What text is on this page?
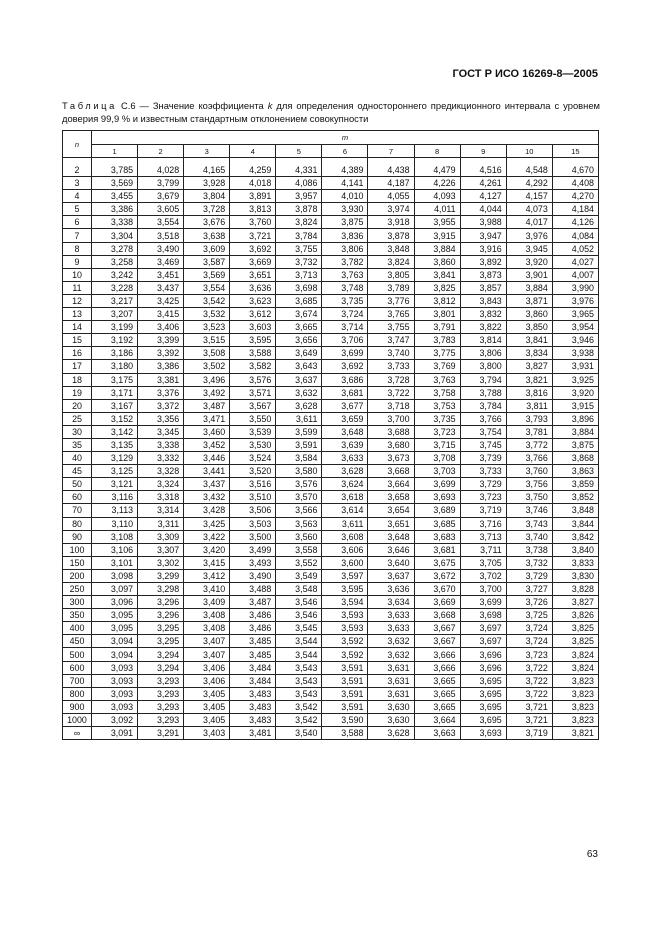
ГОСТ Р ИСО 16269-8—2005
Таблица С.6 — Значение коэффициента k для определения одностороннего предикционного интервала с уровнем доверия 99,9 % и известным стандартным отклонением совокупности
n	m										
	1	2	3	4	5	6	7	8	9	10	15
2	3,785	4,028	4,165	4,259	4,331	4,389	4,438	4,479	4,516	4,548	4,670
3	3,569	3,799	3,928	4,018	4,086	4,141	4,187	4,226	4,261	4,292	4,408
4	3,455	3,679	3,804	3,891	3,957	4,010	4,055	4,093	4,127	4,157	4,270
5	3,386	3,605	3,728	3,813	3,878	3,930	3,974	4,011	4,044	4,073	4,184
6	3,338	3,554	3,676	3,760	3,824	3,875	3,918	3,955	3,988	4,017	4,126
7	3,304	3,518	3,638	3,721	3,784	3,836	3,878	3,915	3,947	3,976	4,084
8	3,278	3,490	3,609	3,692	3,755	3,806	3,848	3,884	3,916	3,945	4,052
9	3,258	3,469	3,587	3,669	3,732	3,782	3,824	3,860	3,892	3,920	4,027
10	3,242	3,451	3,569	3,651	3,713	3,763	3,805	3,841	3,873	3,901	4,007
11	3,228	3,437	3,554	3,636	3,698	3,748	3,789	3,825	3,857	3,884	3,990
12	3,217	3,425	3,542	3,623	3,685	3,735	3,776	3,812	3,843	3,871	3,976
13	3,207	3,415	3,532	3,612	3,674	3,724	3,765	3,801	3,832	3,860	3,965
14	3,199	3,406	3,523	3,603	3,665	3,714	3,755	3,791	3,822	3,850	3,954
15	3,192	3,399	3,515	3,595	3,656	3,706	3,747	3,783	3,814	3,841	3,946
16	3,186	3,392	3,508	3,588	3,649	3,699	3,740	3,775	3,806	3,834	3,938
17	3,180	3,386	3,502	3,582	3,643	3,692	3,733	3,769	3,800	3,827	3,931
18	3,175	3,381	3,496	3,576	3,637	3,686	3,728	3,763	3,794	3,821	3,925
19	3,171	3,376	3,492	3,571	3,632	3,681	3,722	3,758	3,788	3,816	3,920
20	3,167	3,372	3,487	3,567	3,628	3,677	3,718	3,753	3,784	3,811	3,915
25	3,152	3,356	3,471	3,550	3,611	3,659	3,700	3,735	3,766	3,793	3,896
30	3,142	3,345	3,460	3,539	3,599	3,648	3,688	3,723	3,754	3,781	3,884
35	3,135	3,338	3,452	3,530	3,591	3,639	3,680	3,715	3,745	3,772	3,875
40	3,129	3,332	3,446	3,524	3,584	3,633	3,673	3,708	3,739	3,766	3,868
45	3,125	3,328	3,441	3,520	3,580	3,628	3,668	3,703	3,733	3,760	3,863
50	3,121	3,324	3,437	3,516	3,576	3,624	3,664	3,699	3,729	3,756	3,859
60	3,116	3,318	3,432	3,510	3,570	3,618	3,658	3,693	3,723	3,750	3,852
70	3,113	3,314	3,428	3,506	3,566	3,614	3,654	3,689	3,719	3,746	3,848
80	3,110	3,311	3,425	3,503	3,563	3,611	3,651	3,685	3,716	3,743	3,844
90	3,108	3,309	3,422	3,500	3,560	3,608	3,648	3,683	3,713	3,740	3,842
100	3,106	3,307	3,420	3,499	3,558	3,606	3,646	3,681	3,711	3,738	3,840
150	3,101	3,302	3,415	3,493	3,552	3,600	3,640	3,675	3,705	3,732	3,833
200	3,098	3,299	3,412	3,490	3,549	3,597	3,637	3,672	3,702	3,729	3,830
250	3,097	3,298	3,410	3,488	3,548	3,595	3,636	3,670	3,700	3,727	3,828
300	3,096	3,296	3,409	3,487	3,546	3,594	3,634	3,669	3,699	3,726	3,827
350	3,095	3,296	3,408	3,486	3,546	3,593	3,633	3,668	3,698	3,725	3,826
400	3,095	3,295	3,408	3,486	3,545	3,593	3,633	3,667	3,697	3,724	3,825
450	3,094	3,295	3,407	3,485	3,544	3,592	3,632	3,667	3,697	3,724	3,825
500	3,094	3,294	3,407	3,485	3,544	3,592	3,632	3,666	3,696	3,723	3,824
600	3,093	3,294	3,406	3,484	3,543	3,591	3,631	3,666	3,696	3,722	3,824
700	3,093	3,293	3,406	3,484	3,543	3,591	3,631	3,665	3,695	3,722	3,823
800	3,093	3,293	3,405	3,483	3,543	3,591	3,631	3,665	3,695	3,722	3,823
900	3,093	3,293	3,405	3,483	3,542	3,591	3,630	3,665	3,695	3,721	3,823
1000	3,092	3,293	3,405	3,483	3,542	3,590	3,630	3,664	3,695	3,721	3,823
∞	3,091	3,291	3,403	3,481	3,540	3,588	3,628	3,663	3,693	3,719	3,821
63
